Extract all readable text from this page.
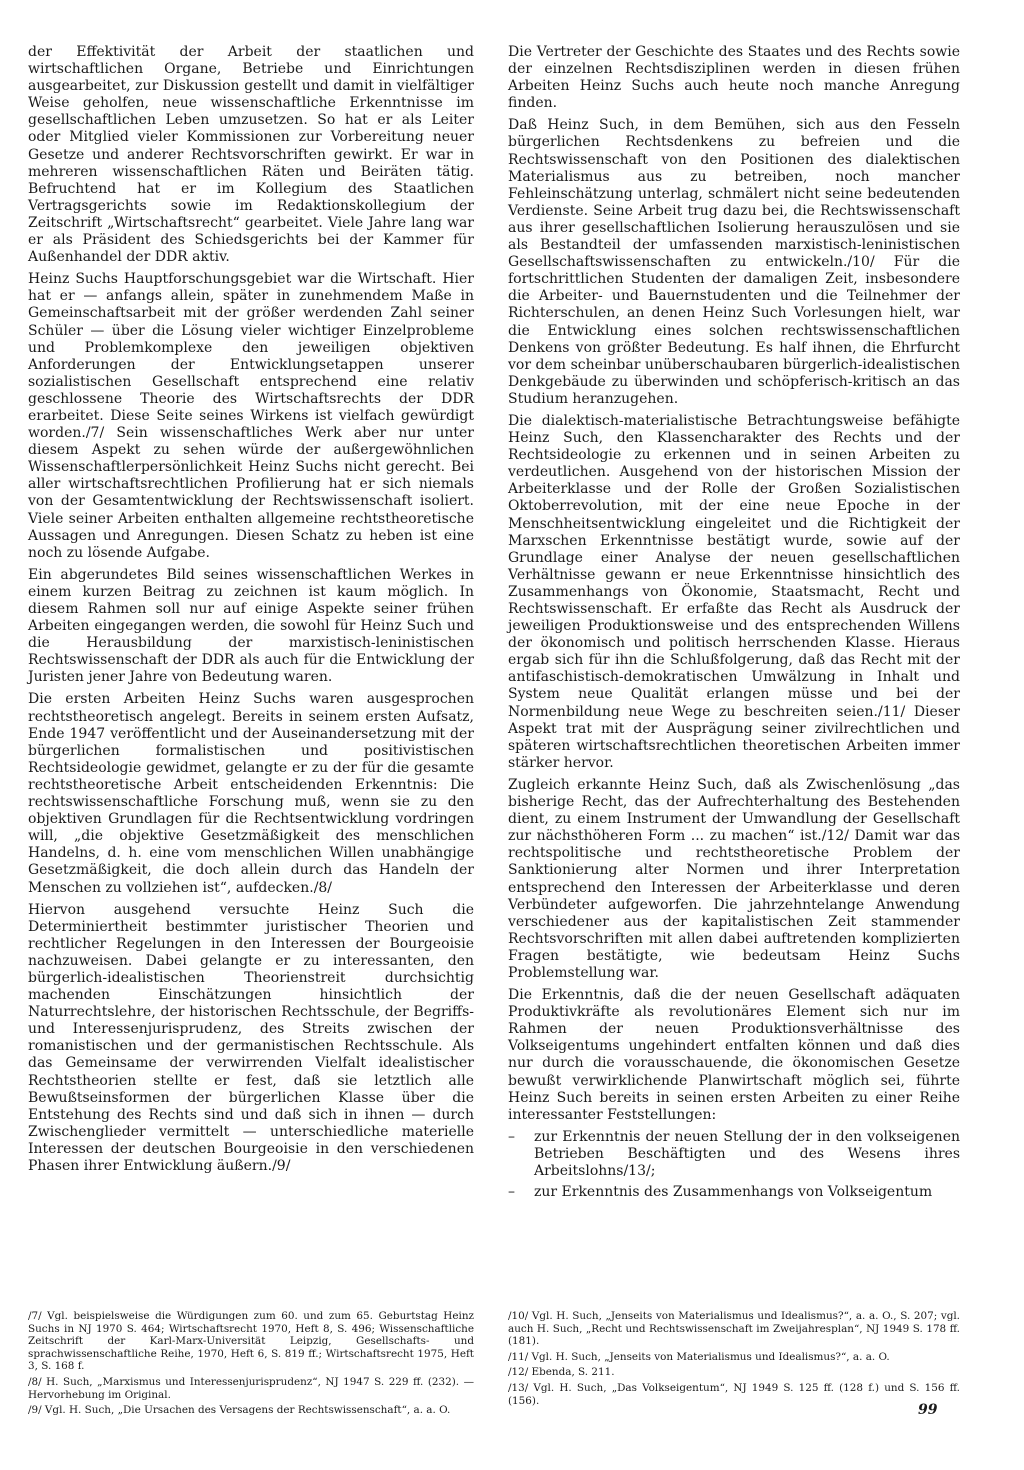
der Effektivität der Arbeit der staatlichen und wirtschaftlichen Organe, Betriebe und Einrichtungen ausgearbeitet, zur Diskussion gestellt und damit in vielfältiger Weise geholfen, neue wissenschaftliche Erkenntnisse im gesellschaftlichen Leben umzusetzen. So hat er als Leiter oder Mitglied vieler Kommissionen zur Vorbereitung neuer Gesetze und anderer Rechtsvorschriften gewirkt. Er war in mehreren wissenschaftlichen Räten und Beiräten tätig. Befruchtend hat er im Kollegium des Staatlichen Vertragsgerichts sowie im Redaktionskollegium der Zeitschrift „Wirtschaftsrecht“ gearbeitet. Viele Jahre lang war er als Präsident des Schiedsgerichts bei der Kammer für Außenhandel der DDR aktiv.

Heinz Suchs Hauptforschungsgebiet war die Wirtschaft. Hier hat er — anfangs allein, später in zunehmendem Maße in Gemeinschaftsarbeit mit der größer werdenden Zahl seiner Schüler — über die Lösung vieler wichtiger Einzelprobleme und Problemkomplexe den jeweiligen objektiven Anforderungen der Entwicklungsetappen unserer sozialistischen Gesellschaft entsprechend eine relativ geschlossene Theorie des Wirtschaftsrechts der DDR erarbeitet. Diese Seite seines Wirkens ist vielfach gewürdigt worden./7/ Sein wissenschaftliches Werk aber nur unter diesem Aspekt zu sehen würde der außergewöhnlichen Wissenschaftlerpersönlichkeit Heinz Suchs nicht gerecht. Bei aller wirtschaftsrechtlichen Profilierung hat er sich niemals von der Gesamtentwicklung der Rechtswissenschaft isoliert. Viele seiner Arbeiten enthalten allgemeine rechtstheoretische Aussagen und Anregungen. Diesen Schatz zu heben ist eine noch zu lösende Aufgabe.

Ein abgerundetes Bild seines wissenschaftlichen Werkes in einem kurzen Beitrag zu zeichnen ist kaum möglich. In diesem Rahmen soll nur auf einige Aspekte seiner frühen Arbeiten eingegangen werden, die sowohl für Heinz Such und die Herausbildung der marxistisch-leninistischen Rechtswissenschaft der DDR als auch für die Entwicklung der Juristen jener Jahre von Bedeutung waren.

Die ersten Arbeiten Heinz Suchs waren ausgesprochen rechtstheoretisch angelegt. Bereits in seinem ersten Aufsatz, Ende 1947 veröffentlicht und der Auseinandersetzung mit der bürgerlichen formalistischen und positivistischen Rechtsideologie gewidmet, gelangte er zu der für die gesamte rechtstheoretische Arbeit entscheidenden Erkenntnis: Die rechtswissenschaftliche Forschung muß, wenn sie zu den objektiven Grundlagen für die Rechtsentwicklung vordringen will, „die objektive Gesetzmäßigkeit des menschlichen Handelns, d. h. eine vom menschlichen Willen unabhängige Gesetzmäßigkeit, die doch allein durch das Handeln der Menschen zu vollziehen ist“, aufdecken./8/

Hiervon ausgehend versuchte Heinz Such die Determiniertheit bestimmter juristischer Theorien und rechtlicher Regelungen in den Interessen der Bourgeoisie nachzuweisen. Dabei gelangte er zu interessanten, den bürgerlich-idealistischen Theorienstreit durchsichtig machenden Einschätzungen hinsichtlich der Naturrechtslehre, der historischen Rechtsschule, der Begriffs- und Interessenjurisprudenz, des Streits zwischen der romanistischen und der germanistischen Rechtsschule. Als das Gemeinsame der verwirrenden Vielfalt idealistischer Rechtstheorien stellte er fest, daß sie letztlich alle Bewußtseinsformen der bürgerlichen Klasse über die Entstehung des Rechts sind und daß sich in ihnen — durch Zwischenglieder vermittelt — unterschiedliche materielle Interessen der deutschen Bourgeoisie in den verschiedenen Phasen ihrer Entwicklung äußern./9/

Die Vertreter der Geschichte des Staates und des Rechts sowie der einzelnen Rechtsdisziplinen werden in diesen frühen Arbeiten Heinz Suchs auch heute noch manche Anregung finden.

Daß Heinz Such, in dem Bemühen, sich aus den Fesseln bürgerlichen Rechtsdenkens zu befreien und die Rechtswissenschaft von den Positionen des dialektischen Materialismus aus zu betreiben, noch mancher Fehleinschätzung unterlag, schmälert nicht seine bedeutenden Verdienste. Seine Arbeit trug dazu bei, die Rechtswissenschaft aus ihrer gesellschaftlichen Isolierung herauszulösen und sie als Bestandteil der umfassenden marxistisch-leninistischen Gesellschaftswissenschaften zu entwickeln./10/ Für die fortschrittlichen Studenten der damaligen Zeit, insbesondere die Arbeiter- und Bauernstudenten und die Teilnehmer der Richterschulen, an denen Heinz Such Vorlesungen hielt, war die Entwicklung eines solchen rechtswissenschaftlichen Denkens von größter Bedeutung. Es half ihnen, die Ehrfurcht vor dem scheinbar unüberschaubaren bürgerlich-idealistischen Denkgebäude zu überwinden und schöpferisch-kritisch an das Studium heranzugehen.

Die dialektisch-materialistische Betrachtungsweise befähigte Heinz Such, den Klassencharakter des Rechts und der Rechtsideologie zu erkennen und in seinen Arbeiten zu verdeutlichen. Ausgehend von der historischen Mission der Arbeiterklasse und der Rolle der Großen Sozialistischen Oktoberrevolution, mit der eine neue Epoche in der Menschheitsentwicklung eingeleitet und die Richtigkeit der Marxschen Erkenntnisse bestätigt wurde, sowie auf der Grundlage einer Analyse der neuen gesellschaftlichen Verhältnisse gewann er neue Erkenntnisse hinsichtlich des Zusammenhangs von Ökonomie, Staatsmacht, Recht und Rechtswissenschaft. Er erfaßte das Recht als Ausdruck der jeweiligen Produktionsweise und des entsprechenden Willens der ökonomisch und politisch herrschenden Klasse. Hieraus ergab sich für ihn die Schlußfolgerung, daß das Recht mit der antifaschistisch-demokratischen Umwälzung in Inhalt und System neue Qualität erlangen müsse und bei der Normenbildung neue Wege zu beschreiten seien./11/ Dieser Aspekt trat mit der Ausprägung seiner zivilrechtlichen und späteren wirtschaftsrechtlichen theoretischen Arbeiten immer stärker hervor.

Zugleich erkannte Heinz Such, daß als Zwischenlösung „das bisherige Recht, das der Aufrechterhaltung des Bestehenden dient, zu einem Instrument der Umwandlung der Gesellschaft zur nächsthöheren Form ... zu machen“ ist./12/ Damit war das rechtspolitische und rechtstheoretische Problem der Sanktionierung alter Normen und ihrer Interpretation entsprechend den Interessen der Arbeiterklasse und deren Verbündeter aufgeworfen. Die jahrzehntelange Anwendung verschiedener aus der kapitalistischen Zeit stammender Rechtsvorschriften mit allen dabei auftretenden komplizierten Fragen bestätigte, wie bedeutsam Heinz Suchs Problemstellung war.

Die Erkenntnis, daß die der neuen Gesellschaft adäquaten Produktivkräfte als revolutionäres Element sich nur im Rahmen der neuen Produktionsverhältnisse des Volkseigentums ungehindert entfalten können und daß dies nur durch die vorausschauende, die ökonomischen Gesetze bewußt verwirklichende Planwirtschaft möglich sei, führte Heinz Such bereits in seinen ersten Arbeiten zu einer Reihe interessanter Feststellungen:

–	zur Erkenntnis der neuen Stellung der in den volkseigenen Betrieben Beschäftigten und des Wesens ihres Arbeitslohns/13/;
–	zur Erkenntnis des Zusammenhangs von Volkseigentum

/7/ Vgl. beispielsweise die Würdigungen zum 60. und zum 65. Geburtstag Heinz Suchs in NJ 1970 S. 464; Wirtschaftsrecht 1970, Heft 8, S. 496; Wissenschaftliche Zeitschrift der Karl-Marx-Universität Leipzig, Gesellschafts- und sprachwissenschaftliche Reihe, 1970, Heft 6, S. 819 ff.; Wirtschaftsrecht 1975, Heft 3, S. 168 f.

/8/ H. Such, „Marxismus und Interessenjurisprudenz“, NJ 1947 S. 229 ff. (232). — Hervorhebung im Original.

/9/ Vgl. H. Such, „Die Ursachen des Versagens der Rechtswissenschaft“, a. a. O.

/10/ Vgl. H. Such, „Jenseits von Materialismus und Idealismus?“, a. a. O., S. 207; vgl. auch H. Such, „Recht und Rechtswissenschaft im Zweijahresplan“, NJ 1949 S. 178 ff. (181).

/11/ Vgl. H. Such, „Jenseits von Materialismus und Idealismus?“, a. a. O.

/12/ Ebenda, S. 211.

/13/ Vgl. H. Such, „Das Volkseigentum“, NJ 1949 S. 125 ff. (128 f.) und S. 156 ff. (156).

99
